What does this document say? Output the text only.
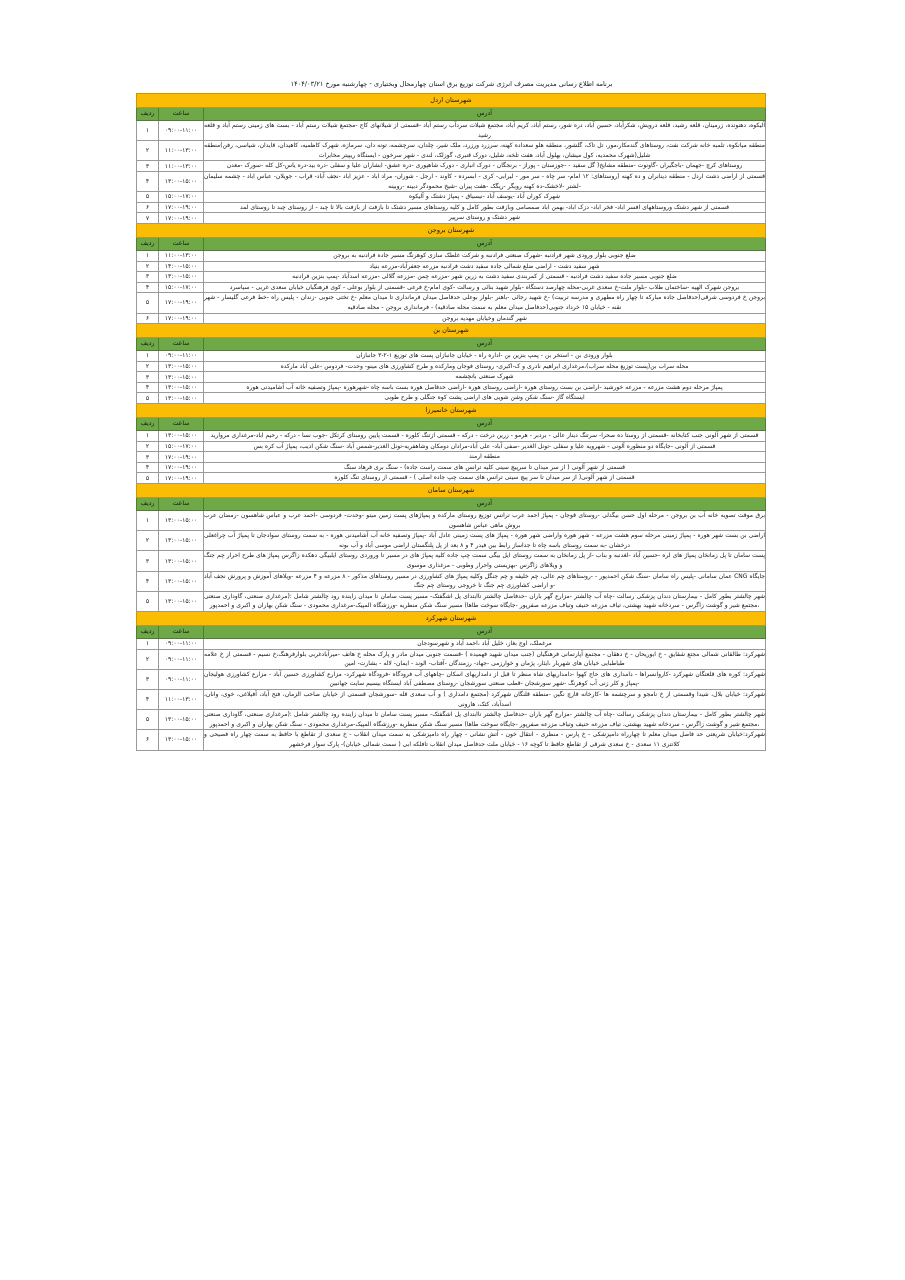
برنامه اطلاع رسانی مدیریت مصرف انرژی شرکت توزیع برق استان چهارمحال وبختیاری - چهارشنبه مورخ ۱۴۰۴/۰۳/۲۱
شهرستان اردل		
آدرس	ساعت	ردیف
آلیکوه، دهنونده، زرمینان، قلعه رشید، قلعه درویش، شکرآباد، حسین آباد، دره شور، رستم آباد، کریم آباد، مجتمع شیلات سردآب رستم آباد -قسمتی از شیلانهای کاج -مجتمع شیلات رستم آباد - بست های زمینی رستم آباد و قلعه رشید	۰۹:۰۰-۱۱:۰۰	۱
منطقه میانکوه، تلمبه خانه شرکت نفت، روستاهای گندمکار،مور، تل تاک، گلشور، منطقه هلو سعداده کهنه، سرزرد ورزرد، ملک شیر، چلدان، سرچشمه، تونه دان، سرمازه، شهرک کاظمیه، کاهیدان، قایدان، شیاسی، رفن)منطقه شلیل(شهرک محمدیه، کول میشان، بهلول آباد، هفت تلخه، شلیل، دورک قنبری، گوزلک، لندی - شهر سرخون - ایستگاه ریپیتر مخابرات	۱۱:۰۰-۱۳:۰۰	۲
روستاهای کرچ -جهمان -باجگیران -گاونوت -منطقه مشایخ( گل سفید - -جوزستان - پوراز - برنجگان - دورک انباری - دورک شاهپوری -دره عشق- ابشاران علیا و سفلی -دره بید-دره یاس-کل کله -سورک -معدن	۱۱:۰۰-۱۳:۰۰	۳
قسمتی از اراضی دشت اردل - منطقه دینانران و ده کهنه (روستاهای: ۱۲ امام- سر چاه - سر مور - لیرابی- کری - ابسرده - کاوند - ارجل - شوران- مراد اباد - عزیز اباد -نجف آباد- قراب - جویلان- عباس اباد - چشمه سلیمان -لشتر -لاخشک-ده کهنه رویگر -ریگک -هفت پیران -شیخ محمودگر دبینه -روبینه	۱۳:۰۰-۱۵:۰۰	۴
شهرک کوران آباد -یوسف آباد -نیسیاق - پمپاژ دشتک و آلیکوه	۱۵:۰۰-۱۷:۰۰	۵
قسمتی از شهر دشتک وروستاههای افسر اباد- فخر اباد- دزک اباد- بهمن اباد صمصامی وبازفت بطور کامل و کلیه روستاهای مسیر دشتک تا بازفت از بازفت بالا تا چبد - از روستای چبد تا روستای لمد	۱۷:۰۰-۱۹:۰۰	۶
شهر دشتک و روستای سرپیر	۱۷:۰۰-۱۹:۰۰	۷
شهرستان بروجن		
آدرس	ساعت	ردیف
ضلع جنوبی بلوار ورودی شهر فرادنبه -شهرک صنعتی فرادنبه و شرکت غلطک سازی کوهرنگ مسیر جاده فرادنبه به بروجن	۱۱:۰۰-۱۳:۰۰	۱
شهر سفید دشت - اراضی ضلع شمالی جاده سفید دشت فرادنبه مزرعه جعفرآباد-مزرعه بنیاد	۱۴:۰۰-۱۵:۰۰	۲
ضلع جنوبی مسیر جاده سفید دشت فرادنبه - قسمتی از کمربندی سفید دشت به زرین شهر -مزرعه چمن -مزرعه گلالی -مزرعه اسدآباد -پمپ بنزین فرادنبه	۱۳:۰۰-۱۵:۰۰	۳
بروجن شهرک الهیه -ساختمان طلاب -بلوار ملت-خ سعدی غربی-محله چهارصد دستگاه -بلوار شهید بنائی و رسالت -کوی امام-خ فرعی -قسمتی از بلوار بوعلی - کوی فرهنگیان خیابان سعدی غربی - سیاسرد	۱۵:۰۰-۱۷:۰۰	۴
بروجن خ فردوسی شرقی(حدفاصل جاده مبارکه تا چهار راه مطهری و مدرسه تربیت) -خ شهید رجائی -باهنر -بلوار بوعلی حدفاصل میدان فرمانداری تا میدان معلم -خ تختی جنوبی -زندان - پلیس راه -خط فرعی گلیسار - شهر نقنه - خیابان ۱۵ خرداد جنوبی(حدفاصل میدان معلم به سمت محله صادقیه) - فرمانداری بروجن - محله صادقیه	۱۷:۰۰-۱۹:۰۰	۵
شهر گندمان وخیابان مهدیه بروجن	۱۷:۰۰-۱۹:۰۰	۶
شهرستان بن		
آدرس	ساعت	ردیف
بلوار ورودی بن - استخر بن - پمپ بنزین بن -اداره راه - خیابان جانبازان پست های توزیع ۱-۲-۳ جانبازان	۰۹:۰۰-۱۱:۰۰	۱
محله سراب بن(پست توزیع محله سراب)،مرغداری ابراهیم نادری و ک-اکبری- روستای فوجان ومارکده و طرح کشاورزی های مینو- وحدت- فردوس -علی آباد مارکده	۱۳:۰۰-۱۵:۰۰	۲
شهرک صنعتی بانچشمه	۱۳:۰۰-۱۵:۰۰	۳
پمپاژ مرحله دوم هشت مزرعه - مزرعه خورشید -اراضی بن بست روستای هوره -اراضی روستای هوره -اراضی حدفاصل هوره بست باسه چاه -شهرهوره -پمپاژ وتصفیه خانه آب آشامیدنی هوره	۱۳:۰۰-۱۵:۰۰	۴
ایستگاه گاز -سنگ شکن وشن شویی های اراضی پشت کوه جنگلی و طرح طوبی	۱۳:۰۰-۱۵:۰۰	۵
شهرستان خانمیرزا		
آدرس	ساعت	ردیف
قسمتی از شهر آلونی جنب کتابخانه -قسمتی از روستا ده صحرا- سرتنگ دینار عالی - بردبر - هرمو - زرین درخت - درکه - قسمتی ازتنگ کلوره - قسمت پایین روستای کرتکل -جوب نسا - درکه - رحیم اباد-مرغداری مروارید	۱۳:۰۰-۱۵:۰۰	۱
قسمتی از آلونی -جایگاه دو منظوره آلونی - شهرویه علیا و سفلی -تونل الغدیر -صفی آباد- علی آباد-مرادان دومکان وشاهفریه-تونل الغدیر-شمس آباد -سنگ شکن ادیب، پمپاژ آب کره بس	۱۵:۰۰-۱۷:۰۰	۲
منطقه ارمند	۱۷:۰۰-۱۹:۰۰	۳
قسمتی از شهر آلونی ( از سر میدان تا سرپیچ سینی کلیه ترانس های سمت راست جاده) - سنگ بری فرهاد سنگ	۱۷:۰۰-۱۹:۰۰	۴
قسمتی از شهر آلونی( از سر میدان تا سر پیچ سینی ترانس های سمت چپ جاده اصلی ) - قسمتی از روستای تنگ کلوره	۱۷:۰۰-۱۹:۰۰	۵
شهرستان سامان		
آدرس	ساعت	ردیف
برق موقت تصویه خانه آب بن بروجن - مرحله اول حسن بیگدلی -روستای قوجان - پمپاژ احمد عرب ترانس توزیع روستای مارکده و پمپاژهای پست زمین مینو -وحدت- فردوسی -احمد عرب و عباس شاهسون -رمضان عرب بروش ماهی عباس شاهسون	۱۳:۰۰-۱۵:۰۰	۱
اراضی بن بست شهر هوره - پمپاژ زمینی مرحله سوم هشت مزرعه - شهر هوره واراضی شهر هوره - پمپاژ های پست زمینی عادل آباد -پمپاژ وتصفیه خانه آب آشامیدنی هوره - به سمت روستای سوادجان تا پمپاژ آب چراغعلی درخشان -به سمت روستای باسه چاه تا جداساز رابط بین فیدر ۴ و ۸ بعد از پل پلنگستان اراضی موسی آباد و آب بونه	۱۳:۰۰-۱۵:۰۰	۲
پست سامان تا پل زمانخان پمپاژ های لره -حسین آباد -لغدنبه و بناب -از پل زمانخان به سمت روستای ایل بیگی سمت چپ جاده کلیه پمپاژ های در مسیر تا وروردی روستای ایلبیگی دهکده زاگرس پمپاژ های طرح احرار چم جنگ و ویلاهای زاگرس -بهزیستی واحرار وطوبی - مرغداری موسوی	۱۳:۰۰-۱۵:۰۰	۳
جایگاه CNG عمان سامانی -پلیس راه سامان -سنگ شکن احمدپور - -روستاهای چم عالی، چم خلیفه و چم جنگل وکلیه پمپاژ های کشاورزی در مسیر روستاهای مذکور - ۸ مزرعه و ۴ مزرعه -ویلاهای آموزش و پرورش نجف آباد -و اراضی کشاورزی چم جنگ تا خروجی روستای چم جنگ	۱۳:۰۰-۱۵:۰۰	۴
شهر چالشتر بطور کامل - بیمارستان دندان پزشکی رسالت -چاه آب چالشتر -مزارع گهر باران -حدفاصل چالشتر تاابتدای پل اشگفتک- مسیر پست سامان تا میدان زاینده رود چالشتر شامل :(مرغداری صنعتی، گاوداری صنعتی ،مجتمع شیر و گوشت زاگرس - سردخانه شهید بهشتی، تیاف مزرعه حنیف وتیاف مزرعه صفرپور -جایگاه سوخت طاها) مسیر سنگ شکن منظریه -ورزشگاه المپیک-مرغداری محمودی - سنگ شکن بهاران و اکبری و احمدپور	۱۳:۰۰-۱۵:۰۰	۵
شهرستان شهرکرد		
آدرس	ساعت	ردیف
مرغملک، اوج بغاز، خلیل آباد ،احمد آباد و شهرسودجان	۰۹:۰۰-۱۱:۰۰	۱
شهرکرد: طالقانی شمالی مجتع شقایق - خ ابوریحان - خ دهقان - مجتمع آپارتمانی فرهنگیان (جنب میدان شهید فهمیده ) -قسمت جنوبی میدان مادر و پارک محله خ هاتف -میرآبادغربی بلوارفرهنگ،خ نسیم - قسمتی از خ علامه طباطبایی خیابان های شهربار ،ایثار، پژمان و خوارزمی -جهاد- رزمندگان -آفتاب- الوند - ایمان- لاله - بشارت- امین	۰۹:۰۰-۱۱:۰۰	۲
شهرکرد: کوره های قلعتگان شهرکرد -کاروانسراها - دامداری های حاج کهوا -دامداریهای شاه منظر تا قبل از دامداریهای اسکان -چاههای آب فرودگاه -فرودگاه شهرکرد- مزارع کشاورزی حسین آباد - مزارع کشاورزی هولیجان -پمپاژ و کلر زنی آب کوهرنگ -شهر سورشجان -قطب صنعتی سورشجان -روستای مصطفی آباد ایستگاه بیسیم سایت جهانبین	۰۹:۰۰-۱۱:۰۰	۳
شهرکرد: خیابان بلال، شیدا وقسمتی از خ نامجو و سرچشمه ها -کارخانه قارچ نگین -منطقه قلنگان شهرکرد (مجتمع دامداری ) و آب سعدی قله -سورشجان قسمتی از خیابان صاحب الزمان، فتح آباد، آفیلاغی، خوی، وانان، اسدآباد، کتک، هارونی	۱۱:۰۰-۱۳:۰۰	۴
شهر چالشتر بطور کامل - بیمارستان دندان پزشکی رسالت -چاه آب چالشتر -مزارع گهر باران -حدفاصل چالشتر تاابتدای پل اشگفتک- مسیر پست سامان تا میدان زاینده رود چالشتر شامل :(مرغداری صنعتی، گاوداری صنعتی ،مجتمع شیر و گوشت زاگرس - سردخانه شهید بهشتی، تیاف مزرعه حنیف وتیاف مزرعه صفرپور -جایگاه سوخت طاها) مسیر سنگ شکن منظریه -ورزشگاه المپیک-مرغداری محمودی - سنگ شکن بهاران و اکبری و احمدپور	۱۳:۰۰-۱۵:۰۰	۵
شهرکرد:خیابان شریعتی حد فاصل میدان معلم تا چهارراه دامپزشکی - خ پارس - منظری - انتقال خون - آتش نشانی - چهار راه دامپزشکی به سمت میدان انقلاب - خ سعدی از تقاطع با حافظ به سمت چهار راه فصیحی و کلانتری ۱۱ سعدی - خ سعدی شرقی از تقاطع حافظ تا کوچه ۱۶ - خیابان ملت حدفاصل میدان انقلاب تافلکه ابی ( سمت شمالی خیابان)- پارک سوار فرخشهر	۱۳:۰۰-۱۵:۰۰	۶
